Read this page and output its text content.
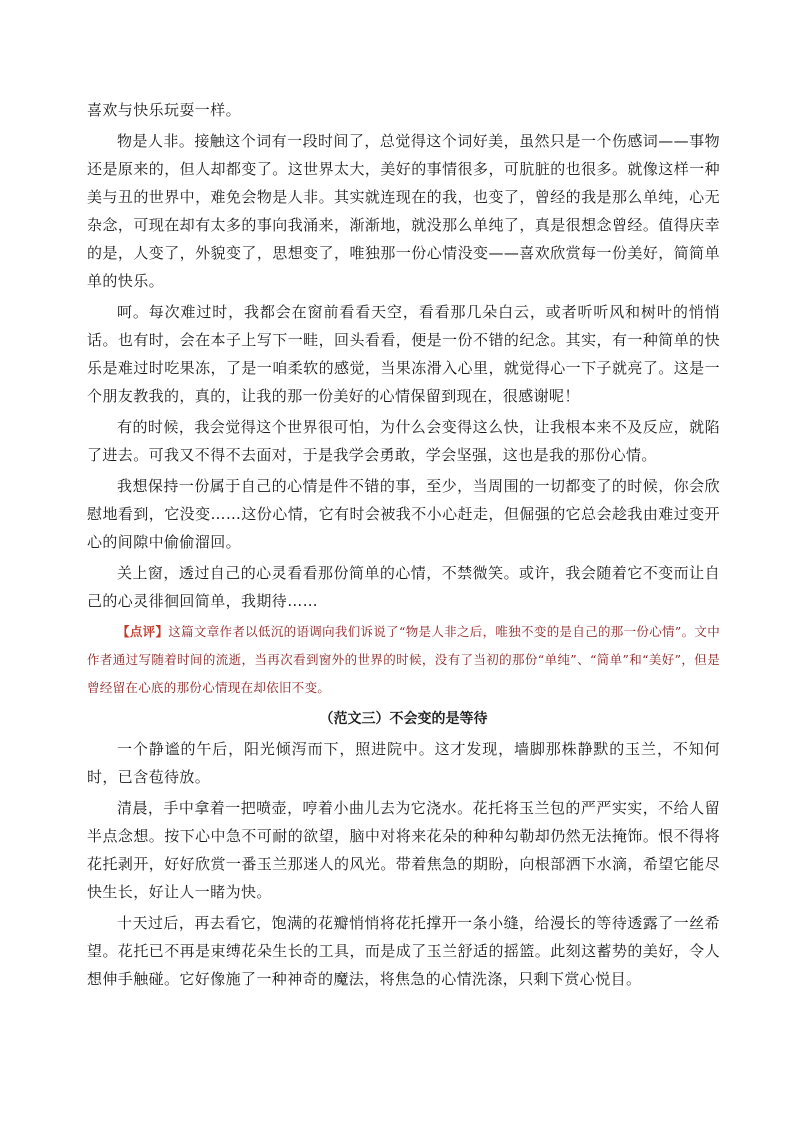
喜欢与快乐玩耍一样。

物是人非。接触这个词有一段时间了，总觉得这个词好美，虽然只是一个伤感词——事物还是原来的，但人却都变了。这世界太大，美好的事情很多，可肮脏的也很多。就像这样一种美与丑的世界中，难免会物是人非。其实就连现在的我，也变了，曾经的我是那么单纯，心无杂念，可现在却有太多的事向我涌来，渐渐地，就没那么单纯了，真是很想念曾经。值得庆幸的是，人变了，外貌变了，思想变了，唯独那一份心情没变——喜欢欣赏每一份美好，简简单单的快乐。

呵。每次难过时，我都会在窗前看看天空，看看那几朵白云，或者听听风和树叶的悄悄话。也有时，会在本子上写下一畦，回头看看，便是一份不错的纪念。其实，有一种简单的快乐是难过时吃果冻，了是一咱柔软的感觉，当果冻滑入心里，就觉得心一下子就亮了。这是一个朋友教我的，真的，让我的那一份美好的心情保留到现在，很感谢呢！

有的时候，我会觉得这个世界很可怕，为什么会变得这么快，让我根本来不及反应，就陷了进去。可我又不得不去面对，于是我学会勇敢，学会坚强，这也是我的那份心情。

我想保持一份属于自己的心情是件不错的事，至少，当周围的一切都变了的时候，你会欣慰地看到，它没变……这份心情，它有时会被我不小心赶走，但倔强的它总会趁我由难过变开心的间隙中偷偷溜回。

关上窗，透过自己的心灵看看那份简单的心情，不禁微笑。或许，我会随着它不变而让自己的心灵徘徊回简单，我期待……

【点评】这篇文章作者以低沉的语调向我们诉说了“物是人非之后，唯独不变的是自己的那一份心情”。文中作者通过写随着时间的流逝，当再次看到窗外的世界的时候，没有了当初的那份“单纯”、“简单”和“美好”，但是曾经留在心底的那份心情现在却依旧不变。

（范文三）不会变的是等待

一个静谧的午后，阳光倾泻而下，照进院中。这才发现，墙脚那株静默的玉兰，不知何时，已含苞待放。

清晨，手中拿着一把喷壶，哼着小曲儿去为它浇水。花托将玉兰包的严严实实，不给人留半点念想。按下心中急不可耐的欲望，脑中对将来花朵的种种勾勒却仍然无法掩饰。恨不得将花托剥开，好好欣赏一番玉兰那迷人的风光。带着焦急的期盼，向根部洒下水滴，希望它能尽快生长，好让人一睹为快。

十天过后，再去看它，饱满的花瓣悄悄将花托撑开一条小缝，给漫长的等待透露了一丝希望。花托已不再是束缚花朵生长的工具，而是成了玉兰舒适的摇篮。此刻这蓄势的美好，令人想伸手触碰。它好像施了一种神奇的魔法，将焦急的心情洗涤，只剩下赏心悦目。
